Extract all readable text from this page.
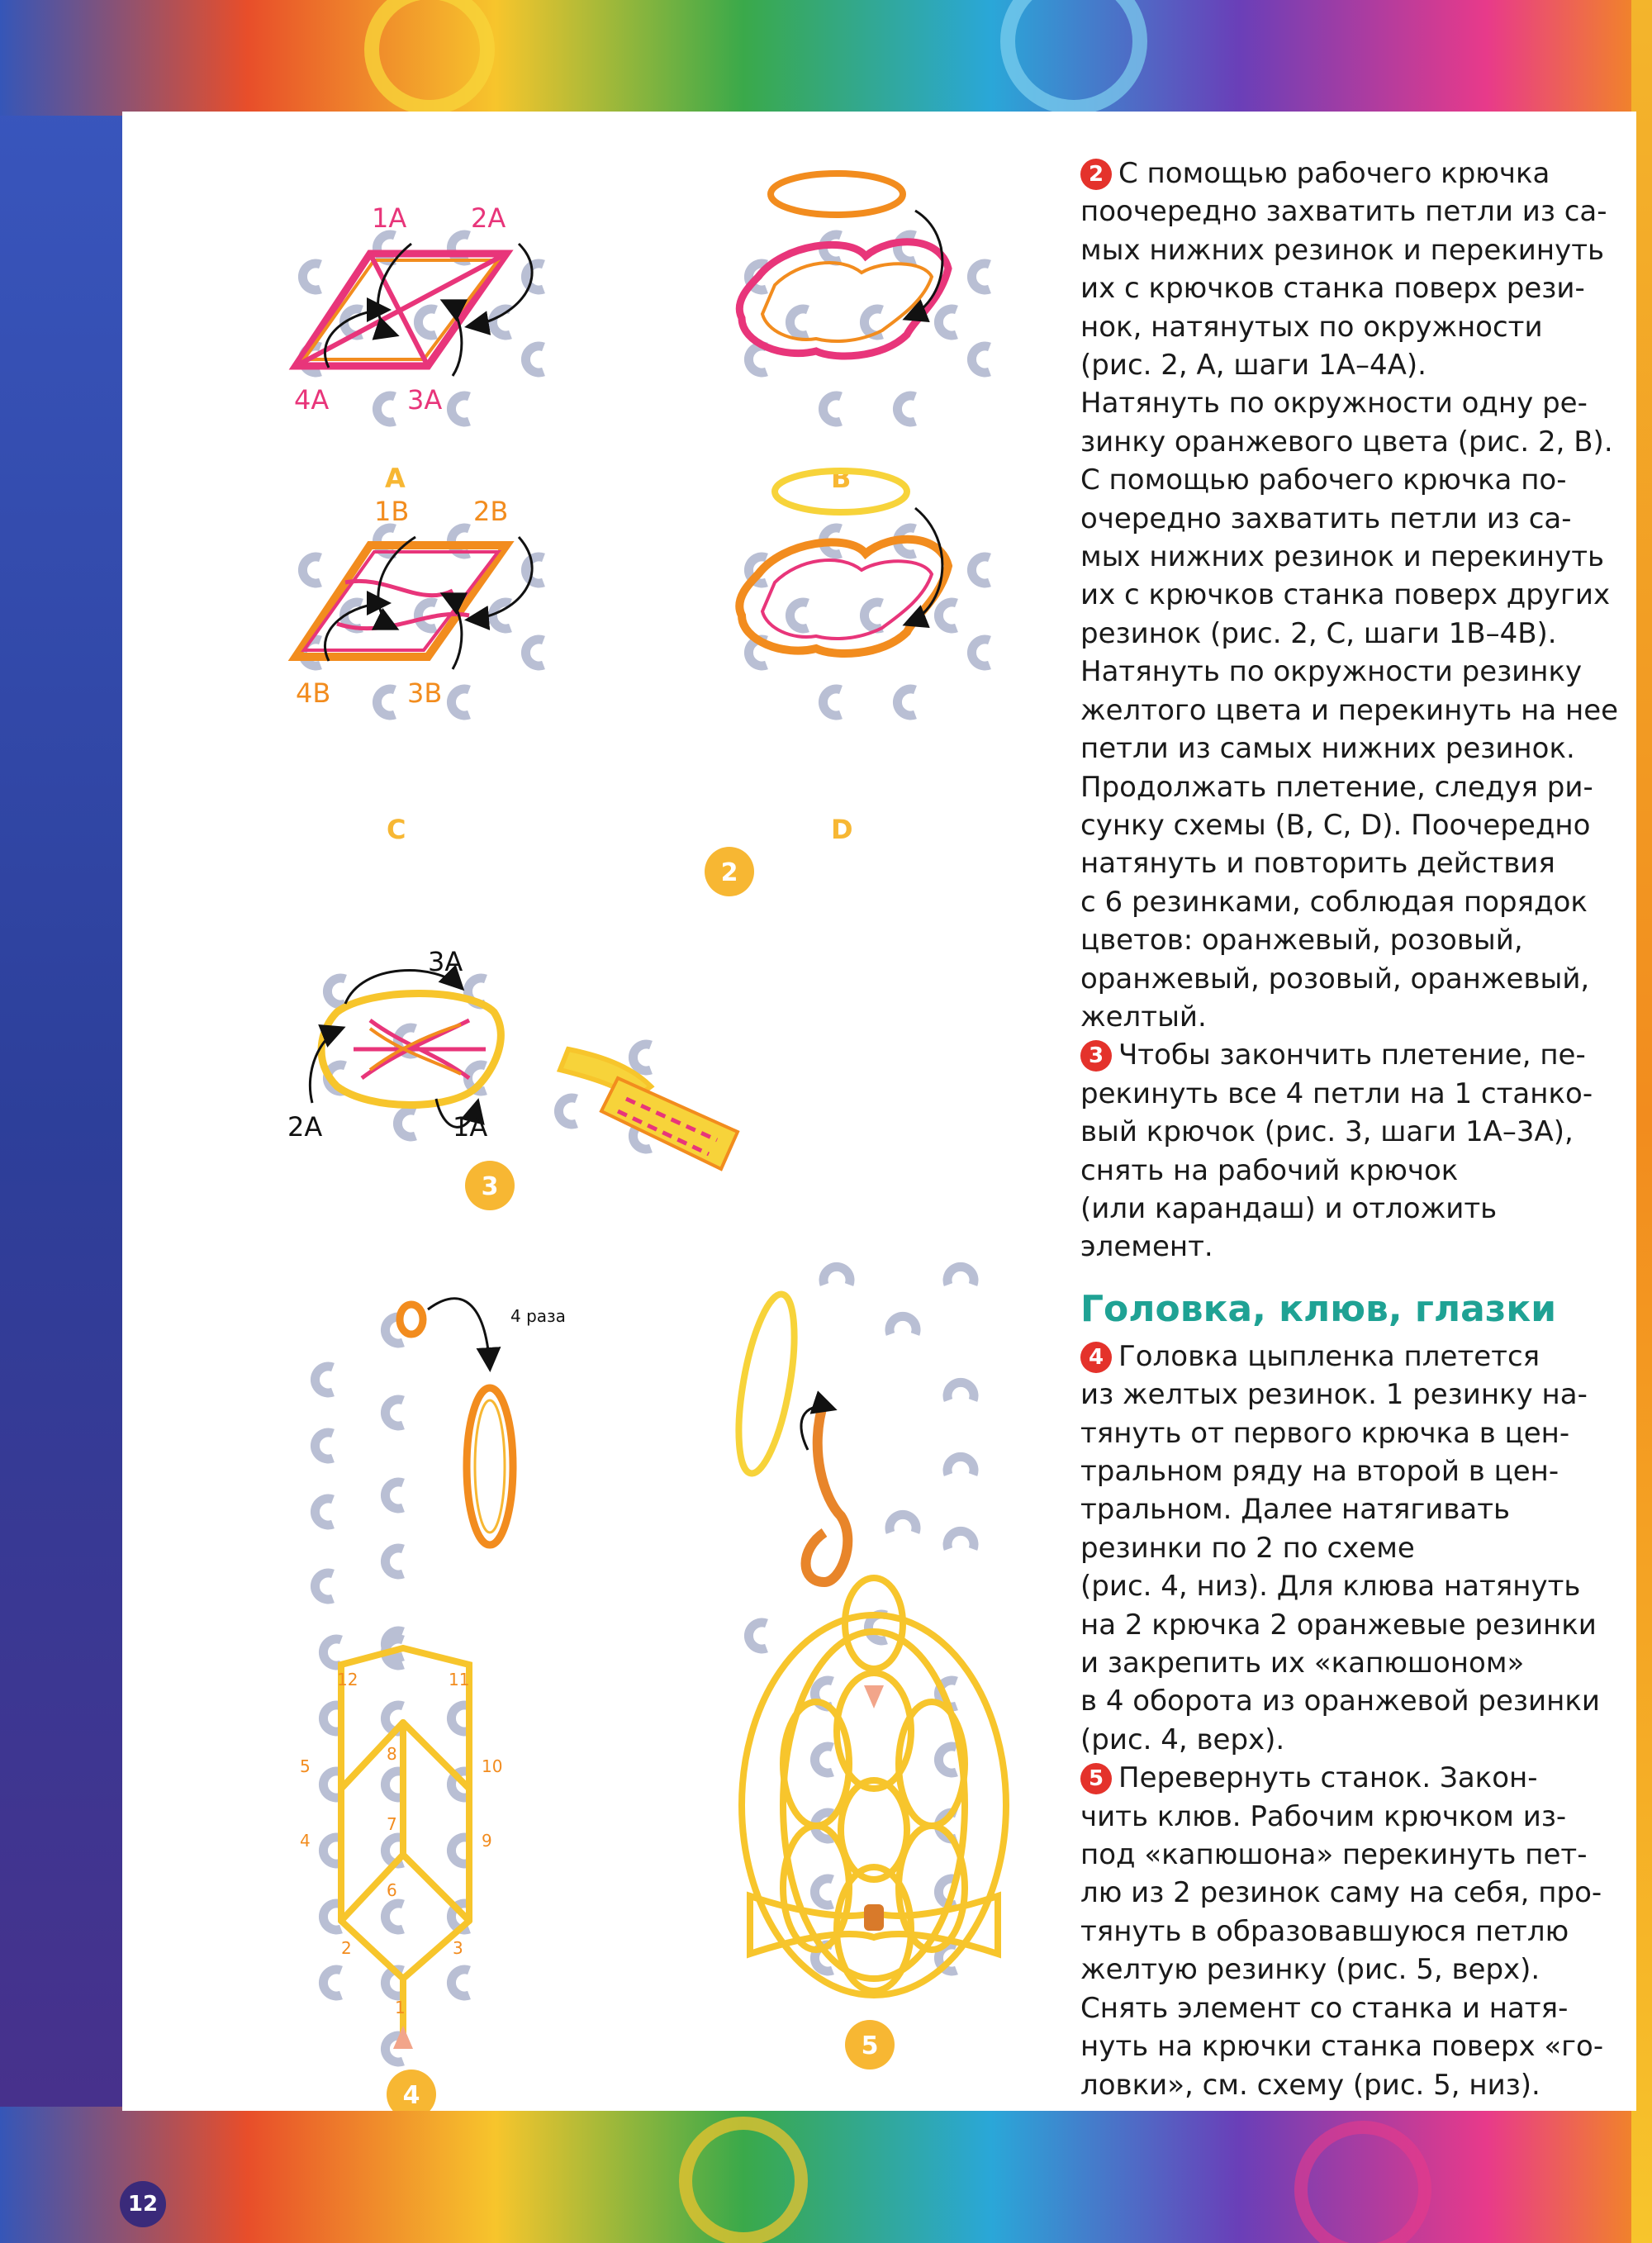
1A 2A
3A
4A
A	B
1B 2B
3B
4B
C	D
2
3A
2A	1A
3
4 раза
1
2	3
4
5
6
7
8
9
10
11
12
4
5

2 С помощью рабочего крючка

поочередно захватить петли из са-

мых нижних резинок и перекинуть

их с крючков станка поверх рези-

нок, натянутых по окружности

(рис. 2, А, шаги 1А–4А).

Натянуть по окружности одну ре-

зинку оранжевого цвета (рис. 2, В).

С помощью рабочего крючка по-

очередно захватить петли из са-

мых нижних резинок и перекинуть

их с крючков станка поверх других

резинок (рис. 2, С, шаги 1В–4В).

Натянуть по окружности резинку

желтого цвета и перекинуть на нее

петли из самых нижних резинок.

Продолжать плетение, следуя ри-

сунку схемы (В, С, D). Поочередно

натянуть и повторить действия

с 6 резинками, соблюдая порядок

цветов: оранжевый, розовый,

оранжевый, розовый, оранжевый,

желтый.

3 Чтобы закончить плетение, пе-

рекинуть все 4 петли на 1 станко-

вый крючок (рис. 3, шаги 1А–3А),

снять на рабочий крючок

(или карандаш) и отложить

элемент.

Головка, клюв, глазки

4 Головка цыпленка плетется

из желтых резинок. 1 резинку на-

тянуть от первого крючка в цен-

тральном ряду на второй в цен-

тральном. Далее натягивать

резинки по 2 по схеме

(рис. 4, низ). Для клюва натянуть

на 2 крючка 2 оранжевые резинки

и закрепить их «капюшоном»

в 4 оборота из оранжевой резинки

(рис. 4, верх).

5 Перевернуть станок. Закон-

чить клюв. Рабочим крючком из-

под «капюшона» перекинуть пет-

лю из 2 резинок саму на себя, про-

тянуть в образовавшуюся петлю

желтую резинку (рис. 5, верх).

Снять элемент со станка и натя-

нуть на крючки станка поверх «го-

ловки», см. схему (рис. 5, низ).

12
